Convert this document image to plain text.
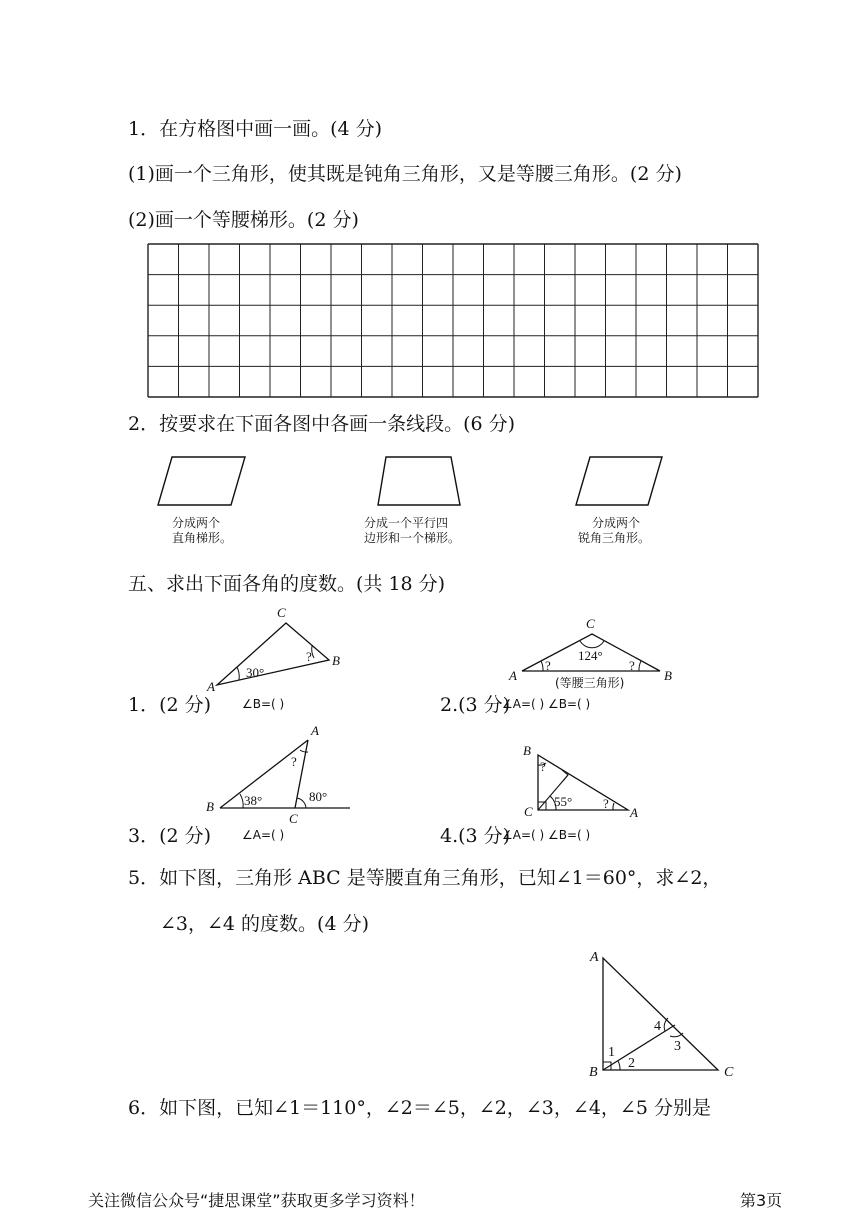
1．在方格图中画一画。(4 分)
(1)画一个三角形，使其既是钝角三角形，又是等腰三角形。(2 分)
(2)画一个等腰梯形。(2 分)
2．按要求在下面各图中各画一条线段。(6 分)
分成两个
直角梯形。
分成一个平行四
边形和一个梯形。
分成两个
锐角三角形。
五、求出下面各角的度数。(共 18 分)
C
B
A
30°
?
1．(2 分)	∠B=( )
C
A	B
124°
?	?
(等腰三角形)
2.(3 分)
∠A=( ) ∠B=( )
A
B
C
38°	80°
?
3．(2 分)	∠A=( )
B
C	A
55°
?
?
4.(3 分)
∠A=( ) ∠B=( )
5．如下图，三角形 ABC 是等腰直角三角形，已知∠1＝60°，求∠2，
∠3，∠4 的度数。(4 分)
A
B	C
1
2
3
4
6．如下图，已知∠1＝110°，∠2＝∠5，∠2，∠3，∠4，∠5 分别是
关注微信公众号“捷思课堂”获取更多学习资料！	第3页
